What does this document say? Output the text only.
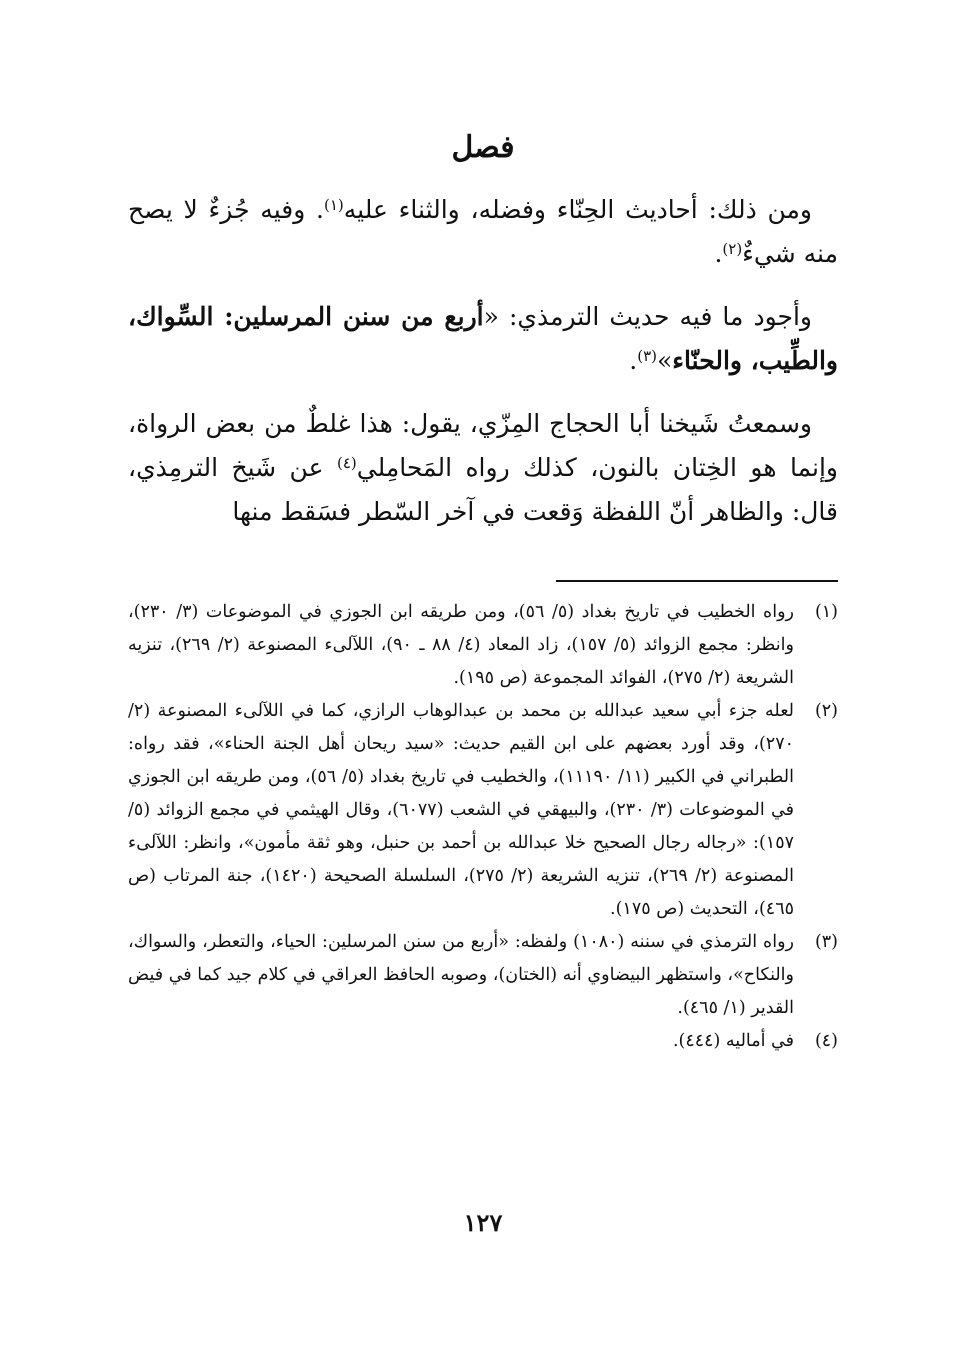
فصل

ومن ذلك: أحاديث الحِنّاء وفضله، والثناء عليه$^{(١)}$. وفيه جُزءٌ لا يصح منه شيءٌ$^{(٢)}$.

وأجود ما فيه حديث الترمذي: «أربع من سنن المرسلين: السِّواك، والطِّيب، والحنّاء»$^{(٣)}$.

وسمعتُ شَيخنا أبا الحجاج المِزّي، يقول: هذا غلطٌ من بعض الرواة، وإنما هو الخِتان بالنون، كذلك رواه المَحامِلي$^{(٤)}$ عن شَيخ الترمِذي، قال: والظاهر أنّ اللفظة وَقعت في آخر السّطر فسَقط منها

(١)
رواه الخطيب في تاريخ بغداد (٥/ ٥٦)، ومن طريقه ابن الجوزي في الموضوعات (٣/ ٢٣٠)، وانظر: مجمع الزوائد (٥/ ١٥٧)، زاد المعاد (٤/ ٨٨ ـ ٩٠)، اللآلىء المصنوعة (٢/ ٢٦٩)، تنزيه الشريعة (٢/ ٢٧٥)، الفوائد المجموعة (ص ١٩٥).
(٢)
لعله جزء أبي سعيد عبدالله بن محمد بن عبدالوهاب الرازي، كما في اللآلىء المصنوعة (٢/ ٢٧٠)، وقد أورد بعضهم على ابن القيم حديث: «سيد ريحان أهل الجنة الحناء»، فقد رواه: الطبراني في الكبير (١١/ ١١١٩٠)، والخطيب في تاريخ بغداد (٥/ ٥٦)، ومن طريقه ابن الجوزي في الموضوعات (٣/ ٢٣٠)، والبيهقي في الشعب (٦٠٧٧)، وقال الهيثمي في مجمع الزوائد (٥/ ١٥٧): «رجاله رجال الصحيح خلا عبدالله بن أحمد بن حنبل، وهو ثقة مأمون»، وانظر: اللآلىء المصنوعة (٢/ ٢٦٩)، تنزيه الشريعة (٢/ ٢٧٥)، السلسلة الصحيحة (١٤٢٠)، جنة المرتاب (ص ٤٦٥)، التحديث (ص ١٧٥).
(٣)
رواه الترمذي في سننه (١٠٨٠) ولفظه: «أربع من سنن المرسلين: الحياء، والتعطر، والسواك، والنكاح»، واستظهر البيضاوي أنه (الختان)، وصوبه الحافظ العراقي في كلام جيد كما في فيض القدير (١/ ٤٦٥).
(٤)
في أماليه (٤٤٤).
١٢٧
